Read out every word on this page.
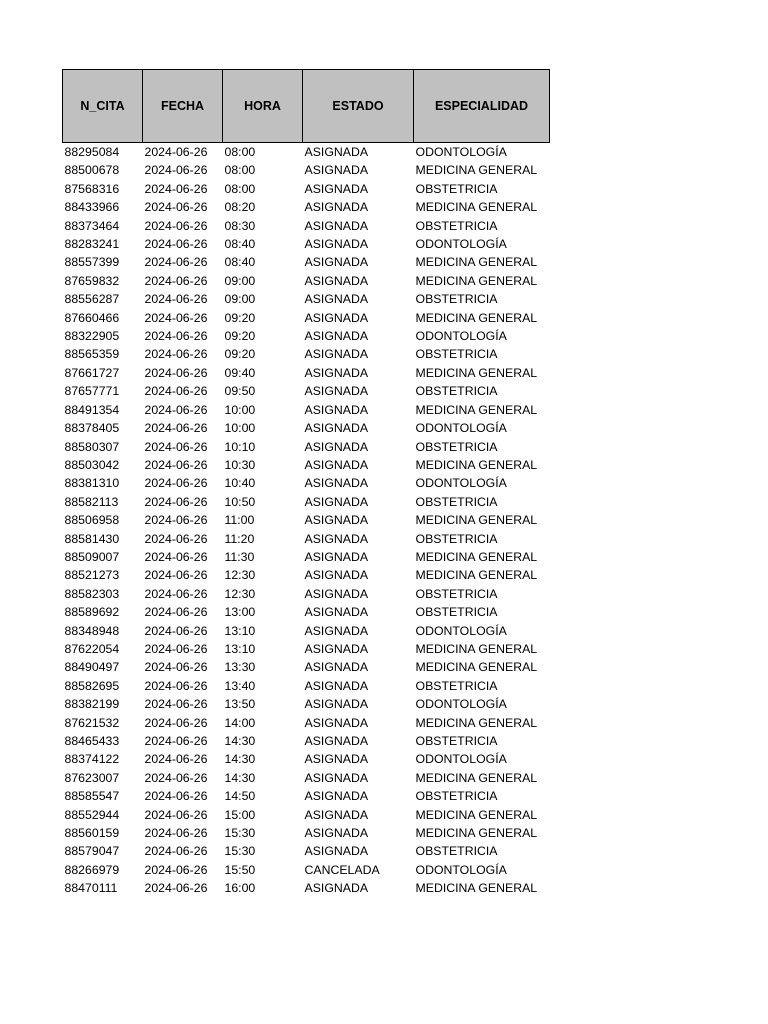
N_CITA	FECHA	HORA	ESTADO	ESPECIALIDAD
88295084	2024-06-26	08:00	ASIGNADA	ODONTOLOGÍA
88500678	2024-06-26	08:00	ASIGNADA	MEDICINA GENERAL
87568316	2024-06-26	08:00	ASIGNADA	OBSTETRICIA
88433966	2024-06-26	08:20	ASIGNADA	MEDICINA GENERAL
88373464	2024-06-26	08:30	ASIGNADA	OBSTETRICIA
88283241	2024-06-26	08:40	ASIGNADA	ODONTOLOGÍA
88557399	2024-06-26	08:40	ASIGNADA	MEDICINA GENERAL
87659832	2024-06-26	09:00	ASIGNADA	MEDICINA GENERAL
88556287	2024-06-26	09:00	ASIGNADA	OBSTETRICIA
87660466	2024-06-26	09:20	ASIGNADA	MEDICINA GENERAL
88322905	2024-06-26	09:20	ASIGNADA	ODONTOLOGÍA
88565359	2024-06-26	09:20	ASIGNADA	OBSTETRICIA
87661727	2024-06-26	09:40	ASIGNADA	MEDICINA GENERAL
87657771	2024-06-26	09:50	ASIGNADA	OBSTETRICIA
88491354	2024-06-26	10:00	ASIGNADA	MEDICINA GENERAL
88378405	2024-06-26	10:00	ASIGNADA	ODONTOLOGÍA
88580307	2024-06-26	10:10	ASIGNADA	OBSTETRICIA
88503042	2024-06-26	10:30	ASIGNADA	MEDICINA GENERAL
88381310	2024-06-26	10:40	ASIGNADA	ODONTOLOGÍA
88582113	2024-06-26	10:50	ASIGNADA	OBSTETRICIA
88506958	2024-06-26	11:00	ASIGNADA	MEDICINA GENERAL
88581430	2024-06-26	11:20	ASIGNADA	OBSTETRICIA
88509007	2024-06-26	11:30	ASIGNADA	MEDICINA GENERAL
88521273	2024-06-26	12:30	ASIGNADA	MEDICINA GENERAL
88582303	2024-06-26	12:30	ASIGNADA	OBSTETRICIA
88589692	2024-06-26	13:00	ASIGNADA	OBSTETRICIA
88348948	2024-06-26	13:10	ASIGNADA	ODONTOLOGÍA
87622054	2024-06-26	13:10	ASIGNADA	MEDICINA GENERAL
88490497	2024-06-26	13:30	ASIGNADA	MEDICINA GENERAL
88582695	2024-06-26	13:40	ASIGNADA	OBSTETRICIA
88382199	2024-06-26	13:50	ASIGNADA	ODONTOLOGÍA
87621532	2024-06-26	14:00	ASIGNADA	MEDICINA GENERAL
88465433	2024-06-26	14:30	ASIGNADA	OBSTETRICIA
88374122	2024-06-26	14:30	ASIGNADA	ODONTOLOGÍA
87623007	2024-06-26	14:30	ASIGNADA	MEDICINA GENERAL
88585547	2024-06-26	14:50	ASIGNADA	OBSTETRICIA
88552944	2024-06-26	15:00	ASIGNADA	MEDICINA GENERAL
88560159	2024-06-26	15:30	ASIGNADA	MEDICINA GENERAL
88579047	2024-06-26	15:30	ASIGNADA	OBSTETRICIA
88266979	2024-06-26	15:50	CANCELADA	ODONTOLOGÍA
88470111	2024-06-26	16:00	ASIGNADA	MEDICINA GENERAL
